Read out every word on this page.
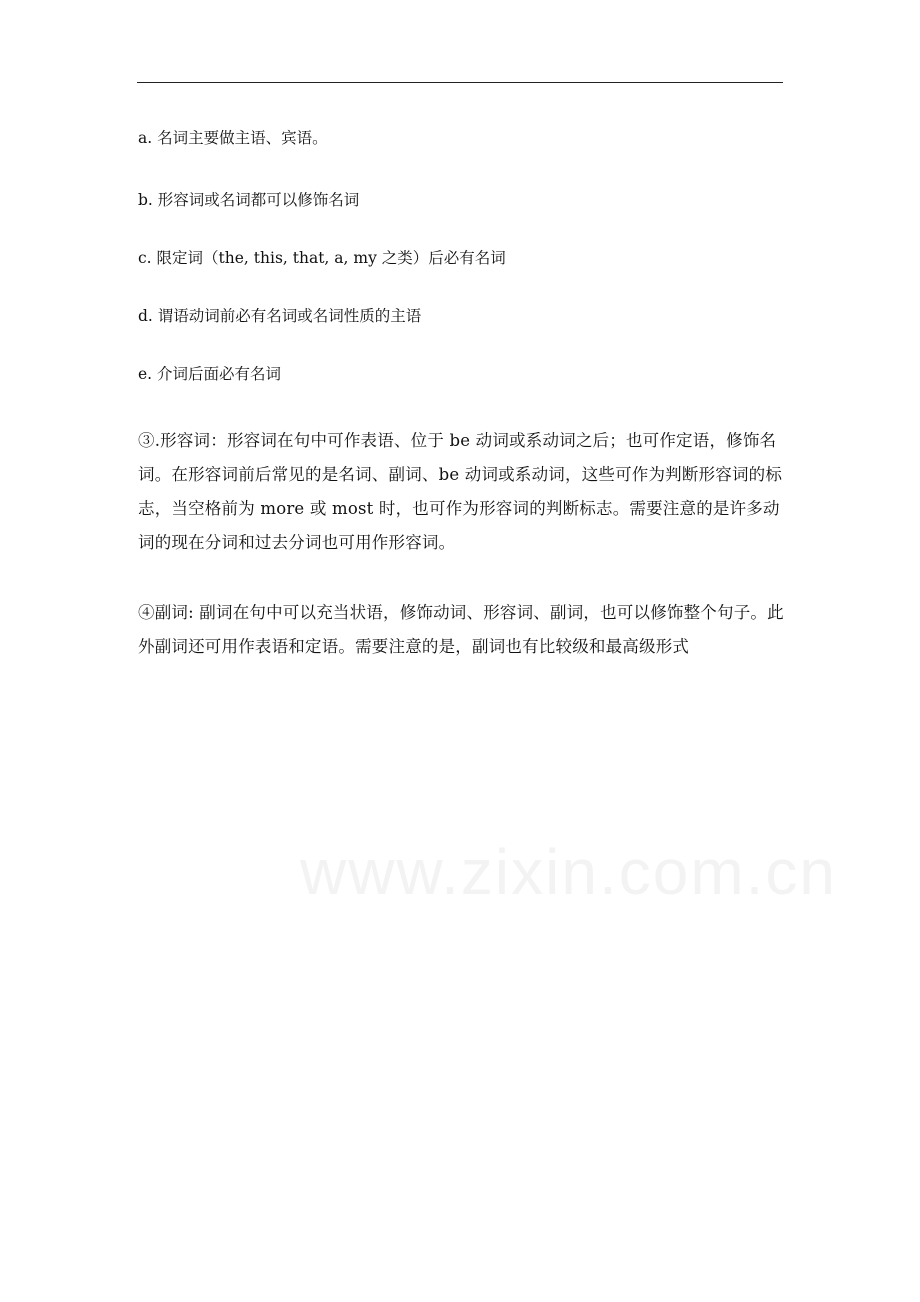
a. 名词主要做主语、宾语。
b. 形容词或名词都可以修饰名词
c. 限定词（the, this, that, a, my 之类）后必有名词
d. 谓语动词前必有名词或名词性质的主语
e. 介词后面必有名词
③.形容词：形容词在句中可作表语、位于 be 动词或系动词之后；也可作定语，修饰名词。在形容词前后常见的是名词、副词、be 动词或系动词，这些可作为判断形容词的标志，当空格前为 more 或 most 时，也可作为形容词的判断标志。需要注意的是许多动词的现在分词和过去分词也可用作形容词。
④副词: 副词在句中可以充当状语，修饰动词、形容词、副词，也可以修饰整个句子。此外副词还可用作表语和定语。需要注意的是，副词也有比较级和最高级形式
www.zixin.com.cn
